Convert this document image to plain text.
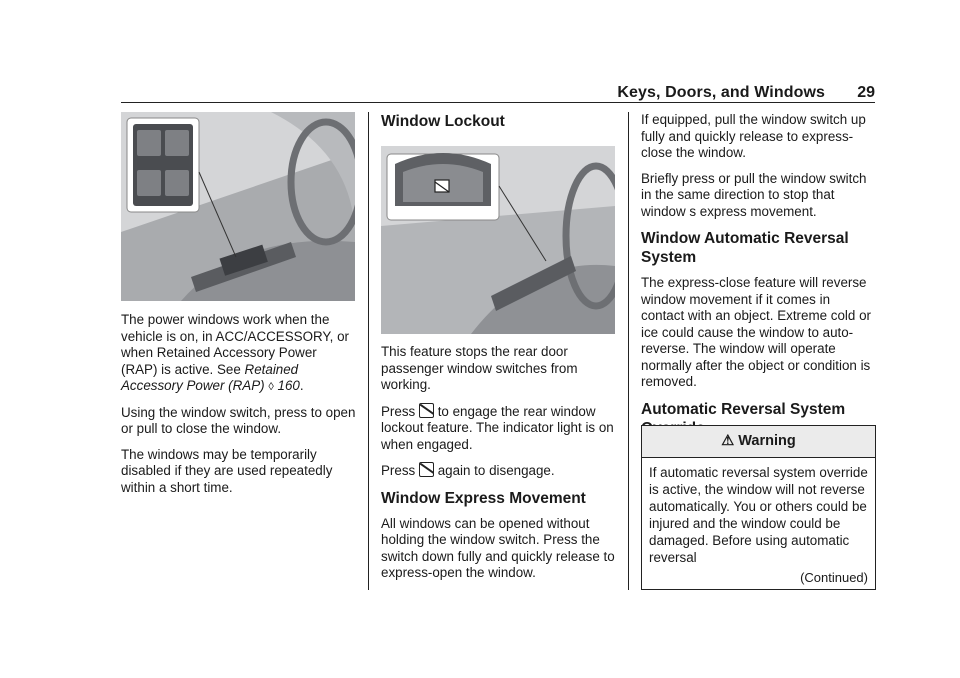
Keys, Doors, and Windows 29

The power windows work when the vehicle is on, in ACC/ACCESSORY, or when Retained Accessory Power (RAP) is active. See Retained Accessory Power (RAP) ◊ 160.

Using the window switch, press to open or pull to close the window.

The windows may be temporarily disabled if they are used repeatedly within a short time.

Window Lockout

This feature stops the rear door passenger window switches from working.

Press to engage the rear window lockout feature. The indicator light is on when engaged.

Press again to disengage.

Window Express Movement

All windows can be opened without holding the window switch. Press the switch down fully and quickly release to express-open the window.

If equipped, pull the window switch up fully and quickly release to express-close the window.

Briefly press or pull the window switch in the same direction to stop that window s express movement.

Window Automatic Reversal System

The express-close feature will reverse window movement if it comes in contact with an object. Extreme cold or ice could cause the window to auto-reverse. The window will operate normally after the object or condition is removed.

Automatic Reversal System
⚠ Warning
If automatic reversal system override is active, the window will not reverse automatically. You or others could be injured and the window could be damaged. Before using automatic reversal
(Continued)
